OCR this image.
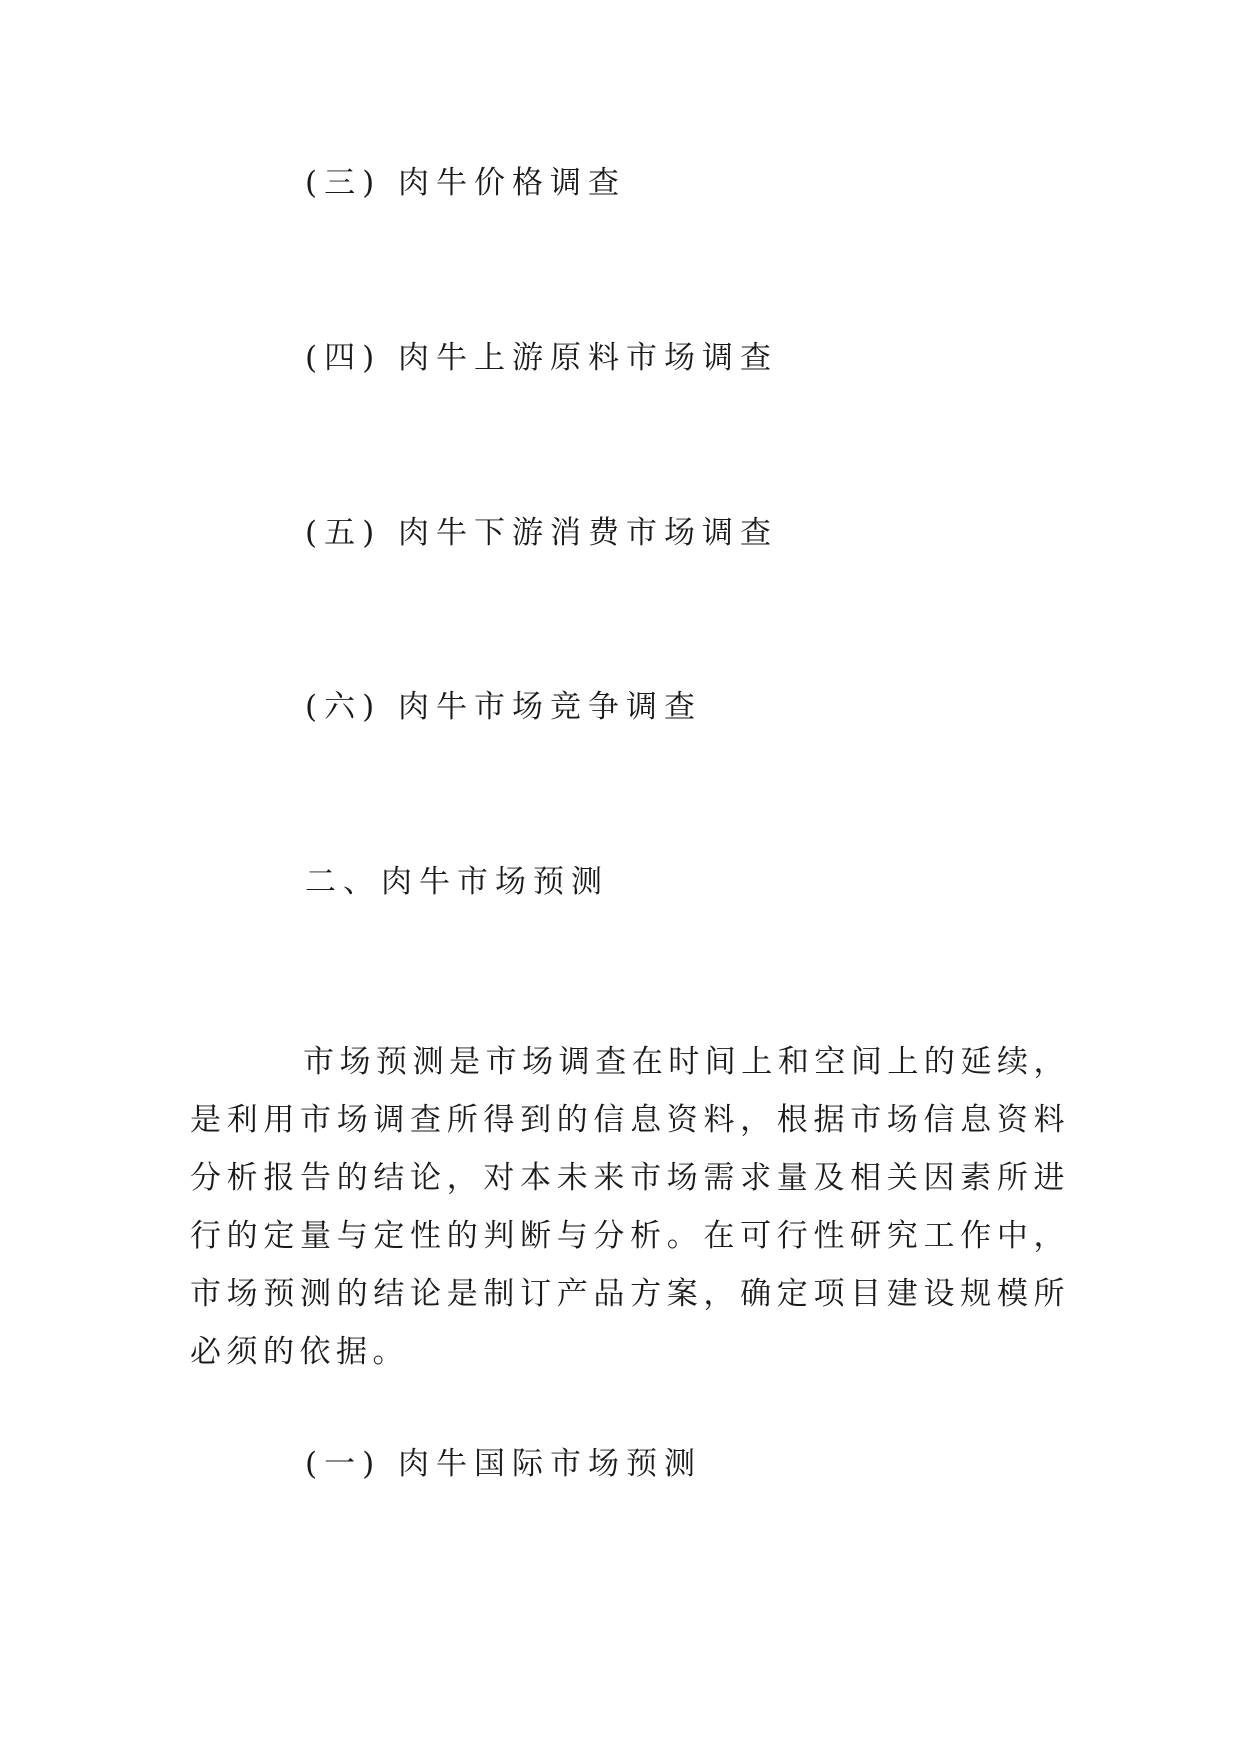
(三) 肉牛价格调查
(四) 肉牛上游原料市场调查
(五) 肉牛下游消费市场调查
(六) 肉牛市场竞争调查
二、肉牛市场预测
市场预测是市场调查在时间上和空间上的延续，是利用市场调查所得到的信息资料，根据市场信息资料分析报告的结论，对本未来市场需求量及相关因素所进行的定量与定性的判断与分析。在可行性研究工作中，市场预测的结论是制订产品方案，确定项目建设规模所必须的依据。
(一) 肉牛国际市场预测
